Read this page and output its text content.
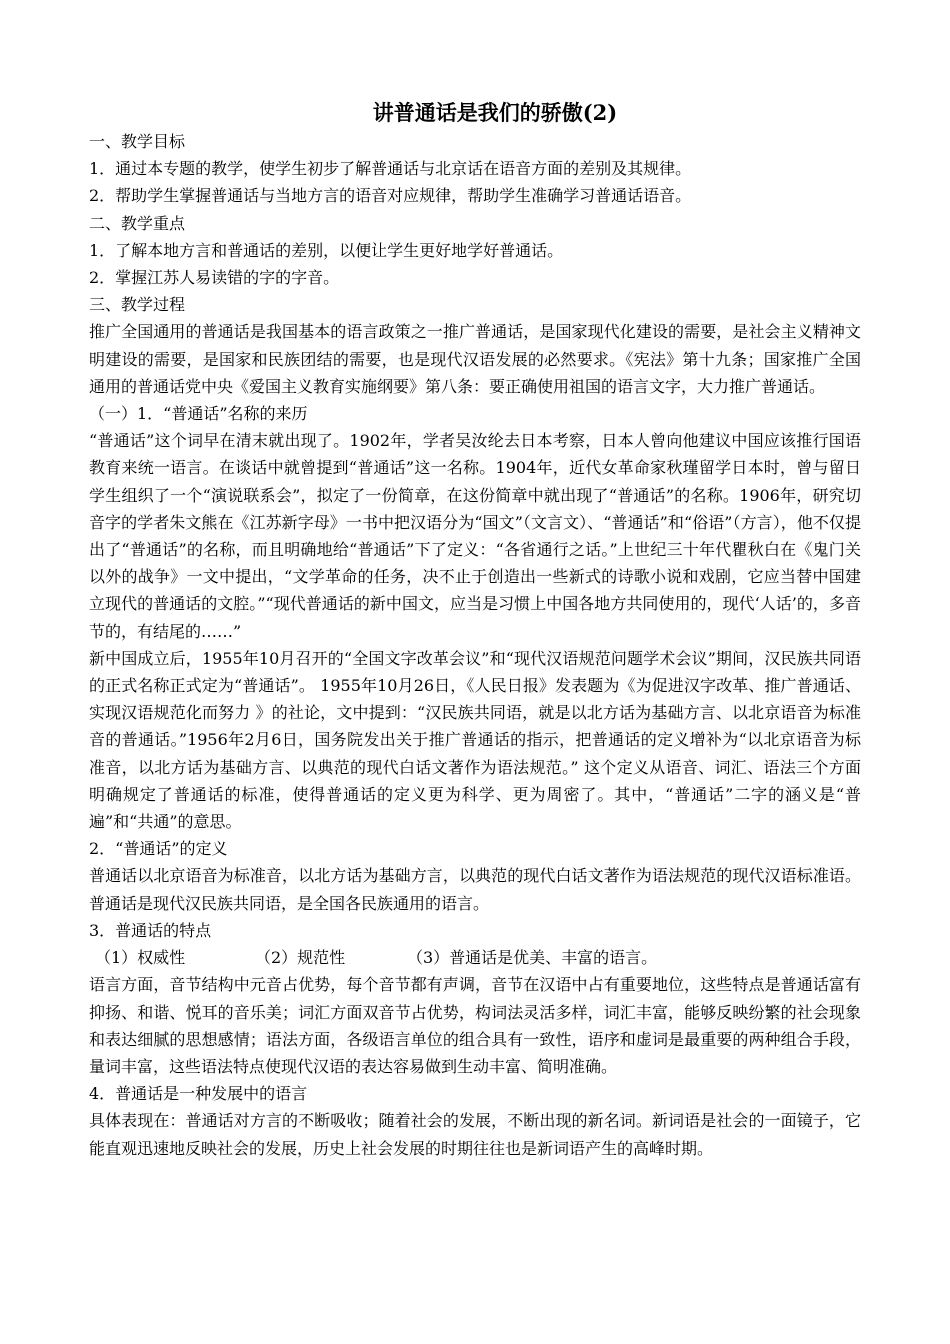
讲普通话是我们的骄傲(2)

一、教学目标

1．通过本专题的教学，使学生初步了解普通话与北京话在语音方面的差别及其规律。

2．帮助学生掌握普通话与当地方言的语音对应规律，帮助学生准确学习普通话语音。

二、教学重点

1．了解本地方言和普通话的差别，以便让学生更好地学好普通话。

2．掌握江苏人易读错的字的字音。

三、教学过程

推广全国通用的普通话是我国基本的语言政策之一推广普通话，是国家现代化建设的需要，是社会主义精神文明建设的需要，是国家和民族团结的需要，也是现代汉语发展的必然要求。《宪法》第十九条；国家推广全国通用的普通话党中央《爱国主义教育实施纲要》第八条：要正确使用祖国的语言文字，大力推广普通话。

（一）1．“普通话”名称的来历

“普通话”这个词早在清末就出现了。1902年，学者吴汝纶去日本考察，日本人曾向他建议中国应该推行国语教育来统一语言。在谈话中就曾提到“普通话”这一名称。1904年，近代女革命家秋瑾留学日本时，曾与留日学生组织了一个“演说联系会”，拟定了一份简章，在这份简章中就出现了“普通话”的名称。1906年，研究切音字的学者朱文熊在《江苏新字母》一书中把汉语分为“国文”（文言文）、“普通话”和“俗语”（方言），他不仅提出了“普通话”的名称，而且明确地给“普通话”下了定义：“各省通行之话。”上世纪三十年代瞿秋白在《鬼门关以外的战争》一文中提出，“文学革命的任务，决不止于创造出一些新式的诗歌小说和戏剧，它应当替中国建立现代的普通话的文腔。”“现代普通话的新中国文，应当是习惯上中国各地方共同使用的，现代‘人话’的，多音节的，有结尾的……”

新中国成立后，1955年10月召开的“全国文字改革会议”和“现代汉语规范问题学术会议”期间，汉民族共同语的正式名称正式定为“普通话”。 1955年10月26日，《人民日报》发表题为《为促进汉字改革、推广普通话、实现汉语规范化而努力 》的社论，文中提到：“汉民族共同语，就是以北方话为基础方言、以北京语音为标准音的普通话。”1956年2月6日，国务院发出关于推广普通话的指示，把普通话的定义增补为“以北京语音为标准音，以北方话为基础方言、以典范的现代白话文著作为语法规范。” 这个定义从语音、词汇、语法三个方面明确规定了普通话的标准，使得普通话的定义更为科学、更为周密了。其中，“普通话”二字的涵义是“普遍”和“共通”的意思。

2．“普通话”的定义

普通话以北京语音为标准音，以北方话为基础方言，以典范的现代白话文著作为语法规范的现代汉语标准语。普通话是现代汉民族共同语，是全国各民族通用的语言。

3．普通话的特点

（1）权威性	（2）规范性	（3）普通话是优美、丰富的语言。

语言方面，音节结构中元音占优势，每个音节都有声调，音节在汉语中占有重要地位，这些特点是普通话富有抑扬、和谐、悦耳的音乐美；词汇方面双音节占优势，构词法灵活多样，词汇丰富，能够反映纷繁的社会现象和表达细腻的思想感情；语法方面，各级语言单位的组合具有一致性，语序和虚词是最重要的两种组合手段，量词丰富，这些语法特点使现代汉语的表达容易做到生动丰富、简明准确。

4．普通话是一种发展中的语言

具体表现在：普通话对方言的不断吸收；随着社会的发展，不断出现的新名词。新词语是社会的一面镜子，它能直观迅速地反映社会的发展，历史上社会发展的时期往往也是新词语产生的高峰时期。
